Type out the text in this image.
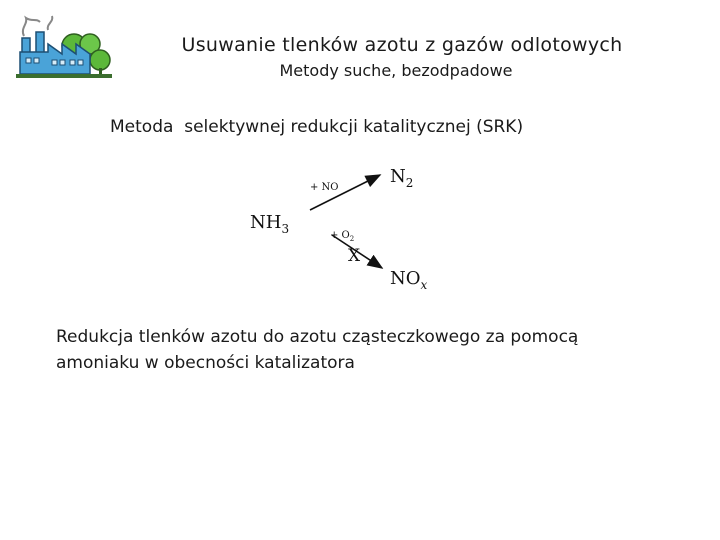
Usuwanie tlenków azotu z gazów odlotowych
Metody suche, bezodpadowe
Metoda  selektywnej redukcji katalitycznej (SRK)
$NH_3$
$N_2$
$NO_x$
+ NO
+ $O_2$
X
Redukcja tlenków azotu do azotu cząsteczkowego za pomocą
amoniaku w obecności katalizatora
